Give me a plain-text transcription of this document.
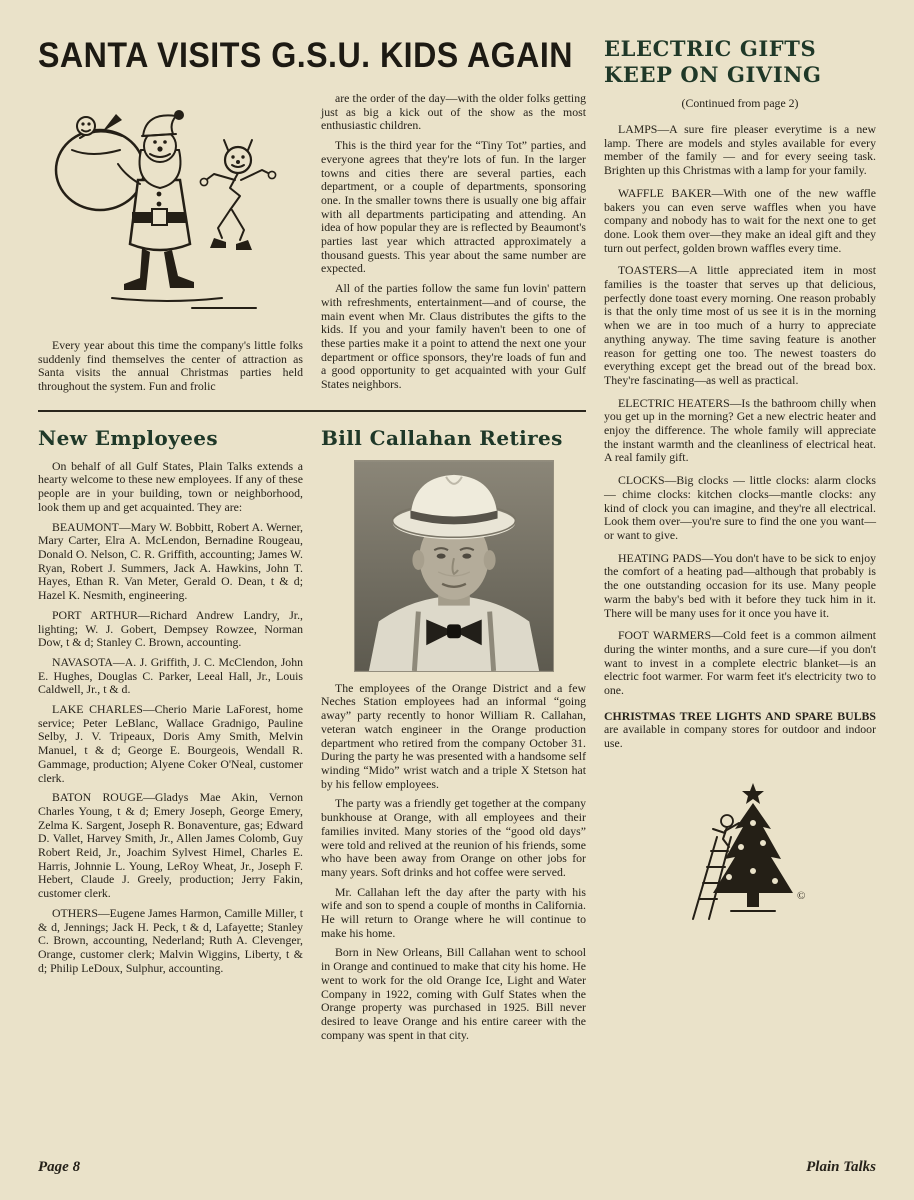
SANTA VISITS G.S.U. KIDS AGAIN

Every year about this time the company's little folks suddenly find themselves the center of attraction as Santa visits the annual Christmas parties held throughout the system. Fun and frolic

are the order of the day—with the older folks getting just as big a kick out of the show as the most enthusiastic children.

This is the third year for the “Tiny Tot” parties, and everyone agrees that they're lots of fun. In the larger towns and cities there are several parties, each department, or a couple of departments, sponsoring one. In the smaller towns there is usually one big affair with all departments participating and attending. An idea of how popular they are is reflected by Beaumont's parties last year which attracted approximately a thousand guests. This year about the same number are expected.

All of the parties follow the same fun lovin' pattern with refreshments, entertainment—and of course, the main event when Mr. Claus distributes the gifts to the kids. If you and your family haven't been to one of these parties make it a point to attend the next one your department or office sponsors, they're loads of fun and a good opportunity to get acquainted with your Gulf States neighbors.

New Employees

On behalf of all Gulf States, Plain Talks extends a hearty welcome to these new employees. If any of these people are in your building, town or neighborhood, look them up and get acquainted. They are:

BEAUMONT—Mary W. Bobbitt, Robert A. Werner, Mary Carter, Elra A. McLendon, Bernadine Rougeau, Donald O. Nelson, C. R. Griffith, accounting; James W. Ryan, Robert J. Summers, Jack A. Hawkins, John T. Hayes, Ethan R. Van Meter, Gerald O. Dean, t & d; Hazel K. Nesmith, engineering.

PORT ARTHUR—Richard Andrew Landry, Jr., lighting; W. J. Gobert, Dempsey Rowzee, Norman Dow, t & d; Stanley C. Brown, accounting.

NAVASOTA—A. J. Griffith, J. C. McClendon, John E. Hughes, Douglas C. Parker, Leeal Hall, Jr., Louis Caldwell, Jr., t & d.

LAKE CHARLES—Cherio Marie LaForest, home service; Peter LeBlanc, Wallace Gradnigo, Pauline Selby, J. V. Tripeaux, Doris Amy Smith, Melvin Manuel, t & d; George E. Bourgeois, Wendall R. Gammage, production; Alyene Coker O'Neal, customer clerk.

BATON ROUGE—Gladys Mae Akin, Vernon Charles Young, t & d; Emery Joseph, George Emery, Zelma K. Sargent, Joseph R. Bonaventure, gas; Edward D. Vallet, Harvey Smith, Jr., Allen James Colomb, Guy Robert Reid, Jr., Joachim Sylvest Himel, Charles E. Harris, Johnnie L. Young, LeRoy Wheat, Jr., Joseph F. Hebert, Claude J. Greely, production; Jerry Fakin, customer clerk.

OTHERS—Eugene James Harmon, Camille Miller, t & d, Jennings; Jack H. Peck, t & d, Lafayette; Stanley C. Brown, accounting, Nederland; Ruth A. Clevenger, Orange, customer clerk; Malvin Wiggins, Liberty, t & d; Philip LeDoux, Sulphur, accounting.

Bill Callahan Retires

The employees of the Orange District and a few Neches Station employees had an informal “going away” party recently to honor William R. Callahan, veteran watch engineer in the Orange production department who retired from the company October 31. During the party he was presented with a handsome self winding “Mido” wrist watch and a triple X Stetson hat by his fellow employees.

The party was a friendly get together at the company bunkhouse at Orange, with all employees and their families invited. Many stories of the “good old days” were told and relived at the reunion of his friends, some who have been away from Orange on other jobs for many years. Soft drinks and hot coffee were served.

Mr. Callahan left the day after the party with his wife and son to spend a couple of months in California. He will return to Orange where he will continue to make his home.

Born in New Orleans, Bill Callahan went to school in Orange and continued to make that city his home. He went to work for the old Orange Ice, Light and Water Company in 1922, coming with Gulf States when the Orange property was purchased in 1925. Bill never desired to leave Orange and his entire career with the company was spent in that city.

ELECTRIC GIFTS
KEEP ON GIVING
(Continued from page 2)

LAMPS—A sure fire pleaser everytime is a new lamp. There are models and styles available for every member of the family — and for every seeing task. Brighten up this Christmas with a lamp for your family.

WAFFLE BAKER—With one of the new waffle bakers you can even serve waffles when you have company and nobody has to wait for the next one to get done. Look them over—they make an ideal gift and they turn out perfect, golden brown waffles every time.

TOASTERS—A little appreciated item in most families is the toaster that serves up that delicious, perfectly done toast every morning. One reason probably is that the only time most of us see it is in the morning when we are in too much of a hurry to appreciate anything anyway. The time saving feature is another reason for getting one too. The newest toasters do everything except get the bread out of the bread box. They're fascinating—as well as practical.

ELECTRIC HEATERS—Is the bathroom chilly when you get up in the morning? Get a new electric heater and enjoy the difference. The whole family will appreciate the instant warmth and the cleanliness of electrical heat. A real family gift.

CLOCKS—Big clocks — little clocks: alarm clocks — chime clocks: kitchen clocks—mantle clocks: any kind of clock you can imagine, and they're all electrical. Look them over—you're sure to find the one you want—or want to give.

HEATING PADS—You don't have to be sick to enjoy the comfort of a heating pad—although that probably is the one outstanding occasion for its use. Many people warm the baby's bed with it before they tuck him in it. There will be many uses for it once you have it.

FOOT WARMERS—Cold feet is a common ailment during the winter months, and a sure cure—if you don't want to invest in a complete electric blanket—is an electric foot warmer. For warm feet it's electricity two to one.

CHRISTMAS TREE LIGHTS AND SPARE BULBS are available in company stores for outdoor and indoor use.

©
Page 8	Plain Talks
